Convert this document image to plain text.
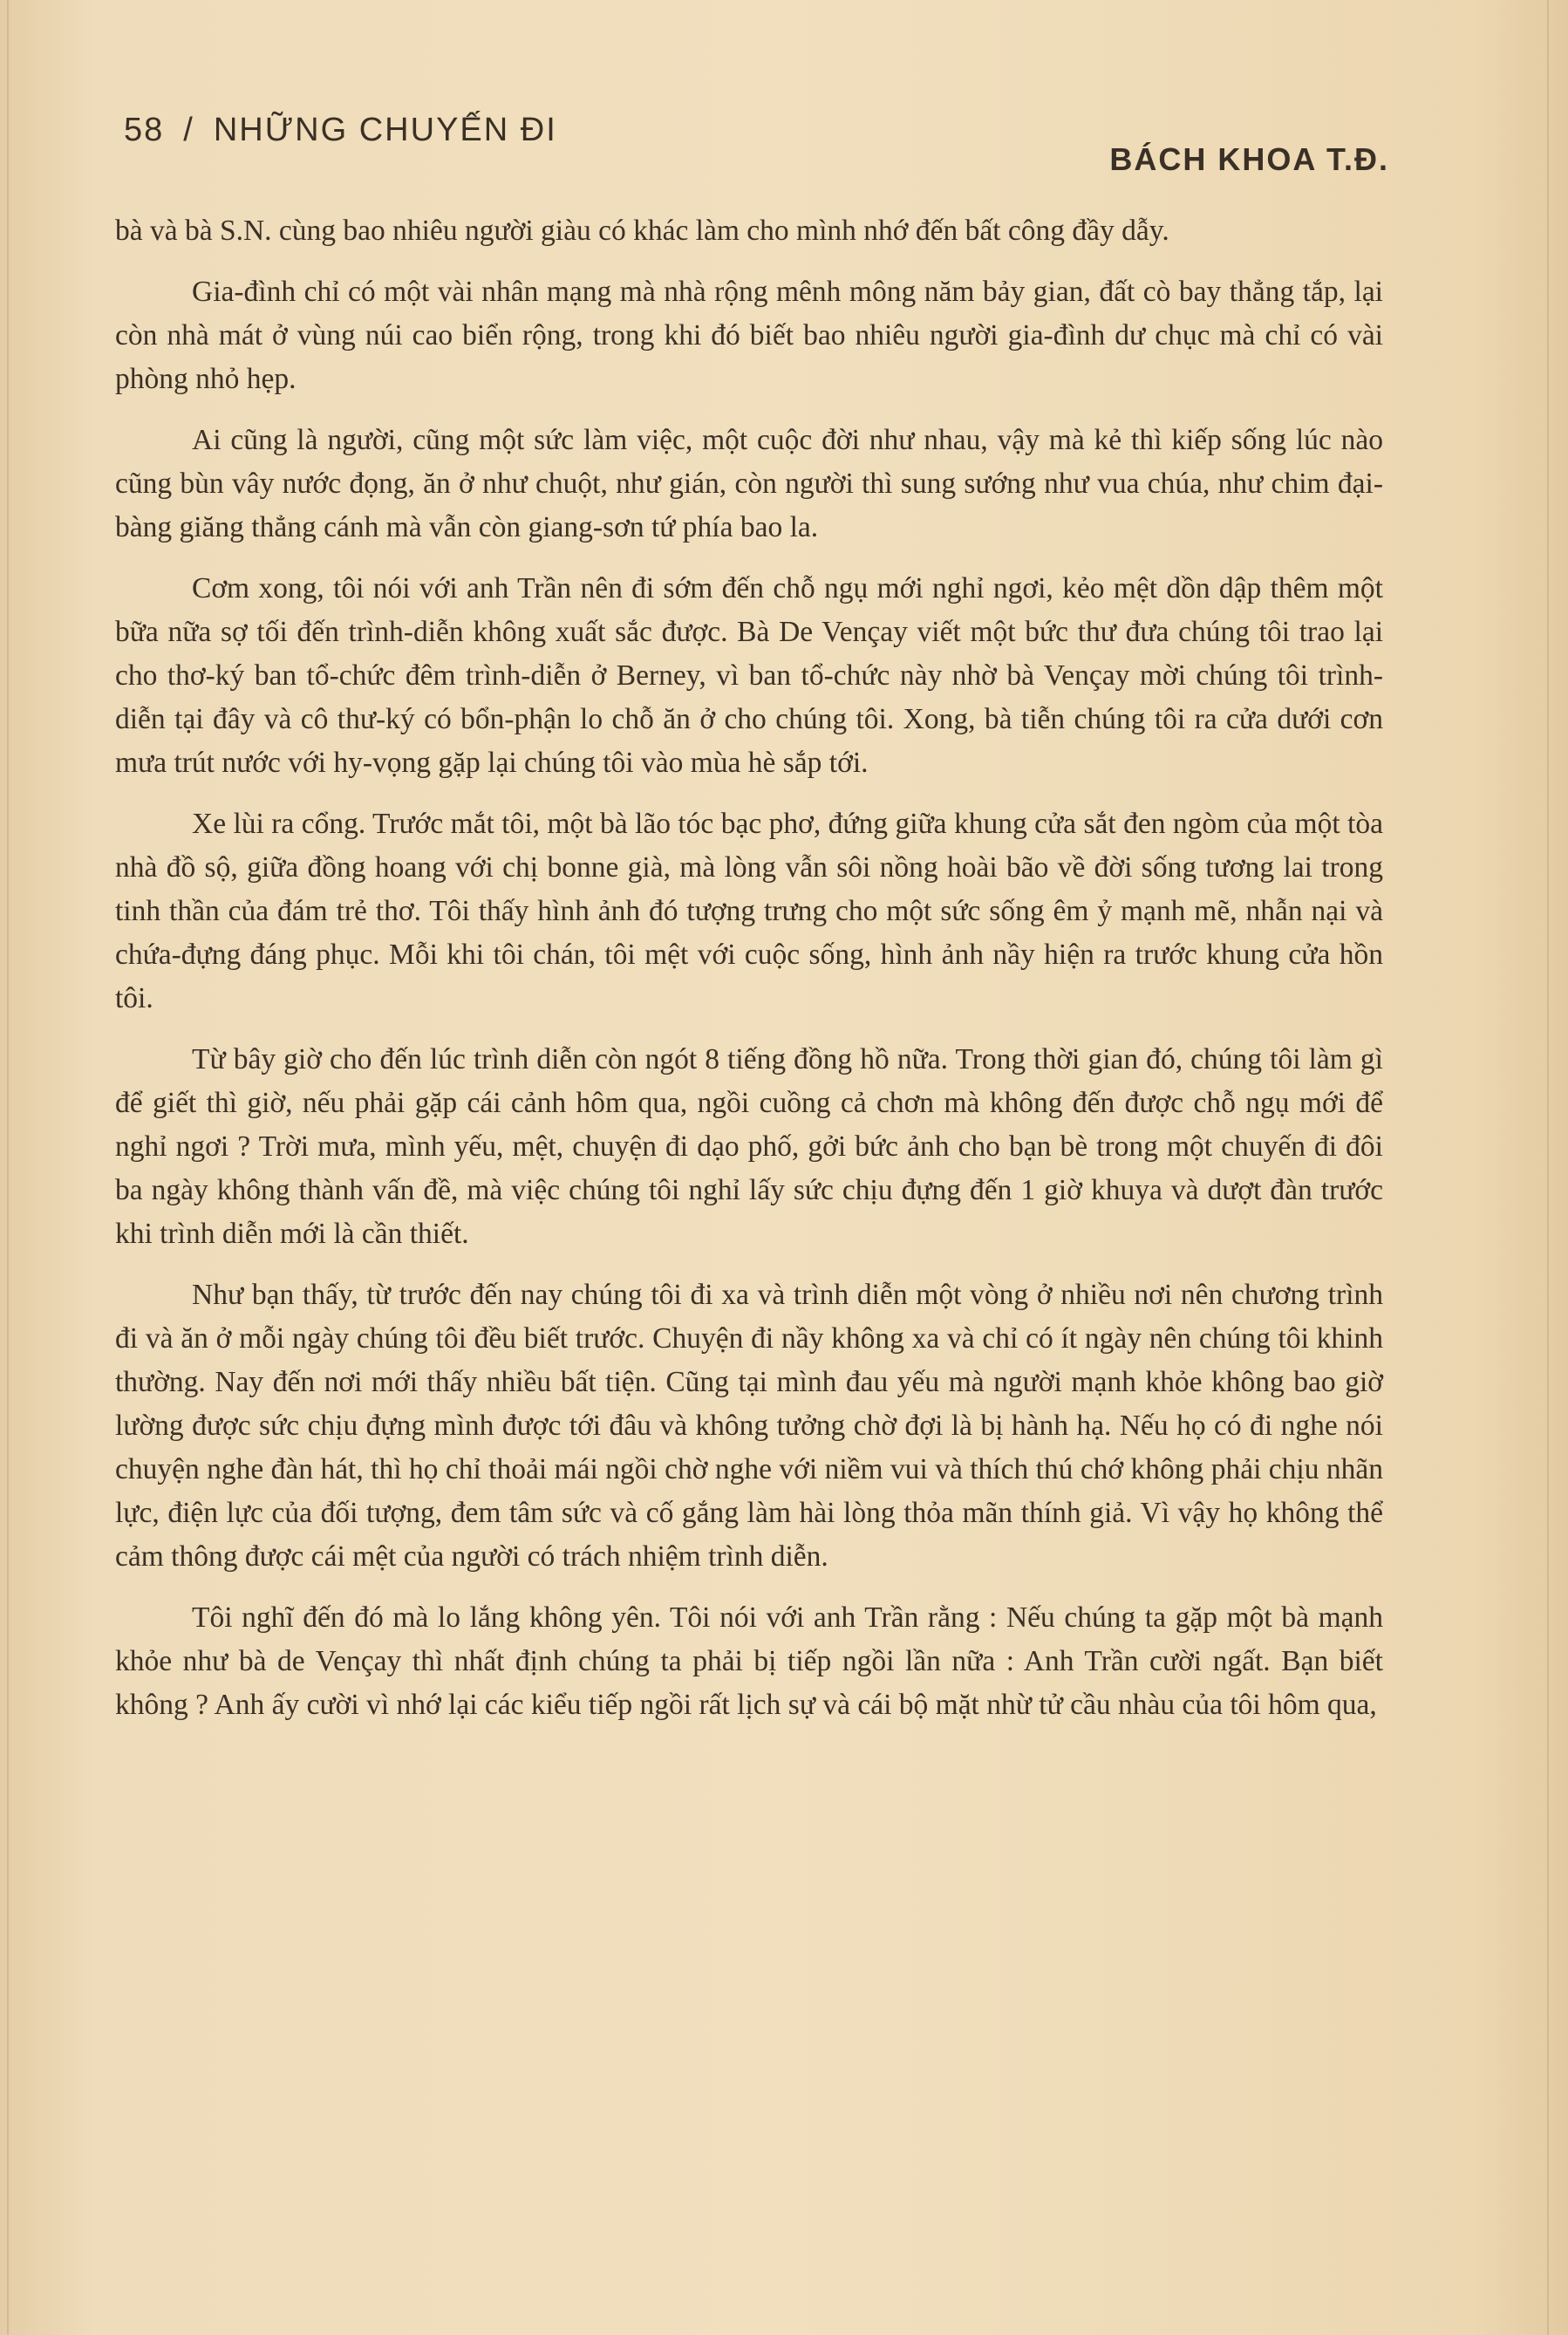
58 / NHỮNG CHUYẾN ĐI
BÁCH KHOA T.Đ.

bà và bà S.N. cùng bao nhiêu người giàu có khác làm cho mình nhớ đến bất công đầy dẫy.

Gia-đình chỉ có một vài nhân mạng mà nhà rộng mênh mông năm bảy gian, đất cò bay thẳng tắp, lại còn nhà mát ở vùng núi cao biển rộng, trong khi đó biết bao nhiêu người gia-đình dư chục mà chỉ có vài phòng nhỏ hẹp.

Ai cũng là người, cũng một sức làm việc, một cuộc đời như nhau, vậy mà kẻ thì kiếp sống lúc nào cũng bùn vây nước đọng, ăn ở như chuột, như gián, còn người thì sung sướng như vua chúa, như chim đại-bàng giăng thẳng cánh mà vẫn còn giang-sơn tứ phía bao la.

Cơm xong, tôi nói với anh Trần nên đi sớm đến chỗ ngụ mới nghỉ ngơi, kẻo mệt dồn dập thêm một bữa nữa sợ tối đến trình-diễn không xuất sắc được. Bà De Vençay viết một bức thư đưa chúng tôi trao lại cho thơ-ký ban tổ-chức đêm trình-diễn ở Berney, vì ban tổ-chức này nhờ bà Vençay mời chúng tôi trình-diễn tại đây và cô thư-ký có bổn-phận lo chỗ ăn ở cho chúng tôi. Xong, bà tiễn chúng tôi ra cửa dưới cơn mưa trút nước với hy-vọng gặp lại chúng tôi vào mùa hè sắp tới.

Xe lùi ra cổng. Trước mắt tôi, một bà lão tóc bạc phơ, đứng giữa khung cửa sắt đen ngòm của một tòa nhà đồ sộ, giữa đồng hoang với chị bonne già, mà lòng vẫn sôi nồng hoài bão về đời sống tương lai trong tinh thần của đám trẻ thơ. Tôi thấy hình ảnh đó tượng trưng cho một sức sống êm ỷ mạnh mẽ, nhẫn nại và chứa-đựng đáng phục. Mỗi khi tôi chán, tôi mệt với cuộc sống, hình ảnh nầy hiện ra trước khung cửa hồn tôi.

Từ bây giờ cho đến lúc trình diễn còn ngót 8 tiếng đồng hồ nữa. Trong thời gian đó, chúng tôi làm gì để giết thì giờ, nếu phải gặp cái cảnh hôm qua, ngồi cuồng cả chơn mà không đến được chỗ ngụ mới để nghỉ ngơi ? Trời mưa, mình yếu, mệt, chuyện đi dạo phố, gởi bức ảnh cho bạn bè trong một chuyến đi đôi ba ngày không thành vấn đề, mà việc chúng tôi nghỉ lấy sức chịu đựng đến 1 giờ khuya và dượt đàn trước khi trình diễn mới là cần thiết.

Như bạn thấy, từ trước đến nay chúng tôi đi xa và trình diễn một vòng ở nhiều nơi nên chương trình đi và ăn ở mỗi ngày chúng tôi đều biết trước. Chuyện đi nầy không xa và chỉ có ít ngày nên chúng tôi khinh thường. Nay đến nơi mới thấy nhiều bất tiện. Cũng tại mình đau yếu mà người mạnh khỏe không bao giờ lường được sức chịu đựng mình được tới đâu và không tưởng chờ đợi là bị hành hạ. Nếu họ có đi nghe nói chuyện nghe đàn hát, thì họ chỉ thoải mái ngồi chờ nghe với niềm vui và thích thú chớ không phải chịu nhãn lực, điện lực của đối tượng, đem tâm sức và cố gắng làm hài lòng thỏa mãn thính giả. Vì vậy họ không thể cảm thông được cái mệt của người có trách nhiệm trình diễn.

Tôi nghĩ đến đó mà lo lắng không yên. Tôi nói với anh Trần rằng : Nếu chúng ta gặp một bà mạnh khỏe như bà de Vençay thì nhất định chúng ta phải bị tiếp ngồi lần nữa : Anh Trần cười ngất. Bạn biết không ? Anh ấy cười vì nhớ lại các kiểu tiếp ngồi rất lịch sự và cái bộ mặt nhừ tử cầu nhàu của tôi hôm qua,
